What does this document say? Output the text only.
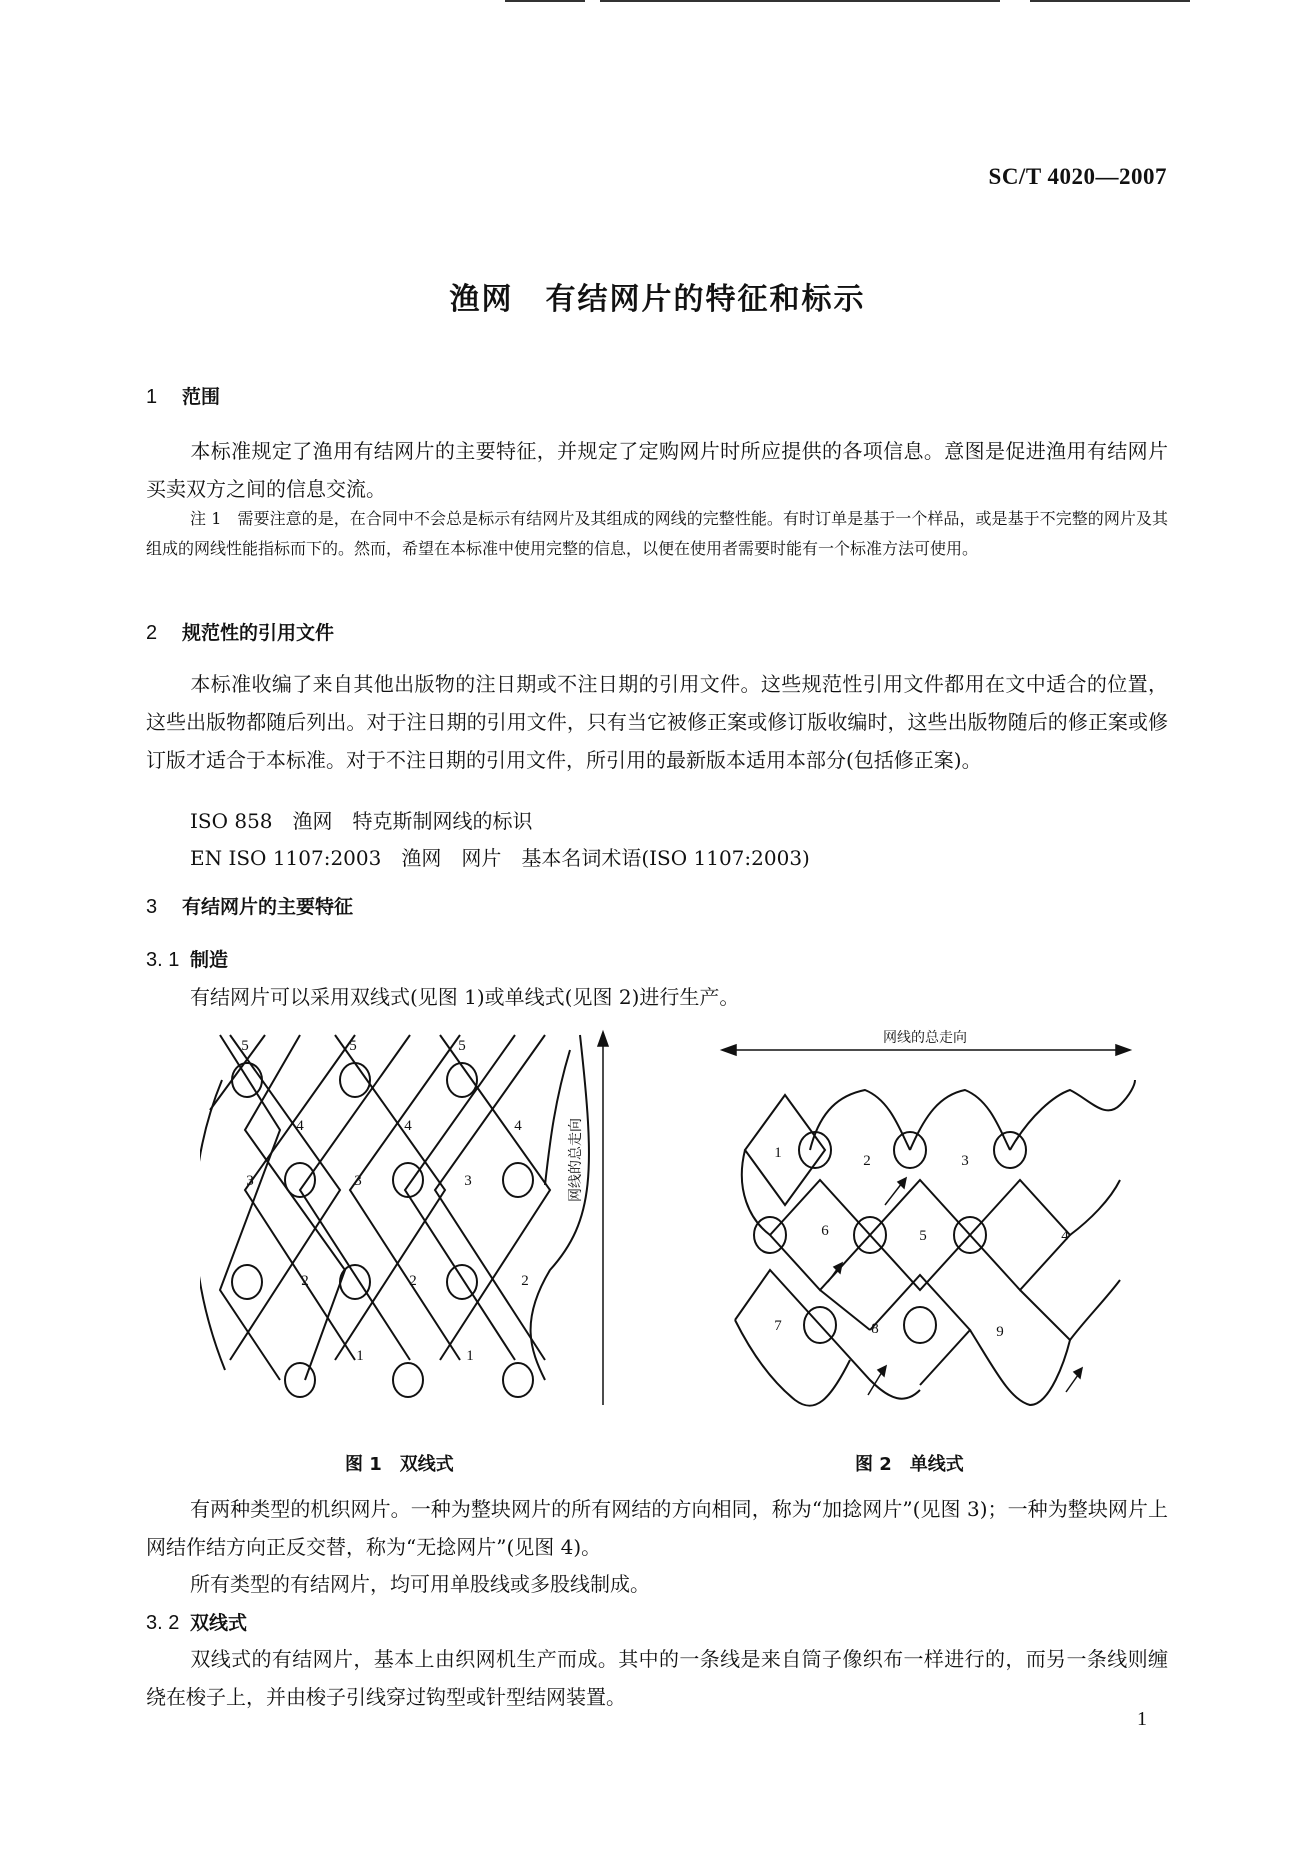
SC/T 4020—2007
渔网　有结网片的特征和标示
1 范围
本标准规定了渔用有结网片的主要特征，并规定了定购网片时所应提供的各项信息。意图是促进渔用有结网片买卖双方之间的信息交流。
注 1　需要注意的是，在合同中不会总是标示有结网片及其组成的网线的完整性能。有时订单是基于一个样品，或是基于不完整的网片及其组成的网线性能指标而下的。然而，希望在本标准中使用完整的信息，以便在使用者需要时能有一个标准方法可使用。
2 规范性的引用文件
本标准收编了来自其他出版物的注日期或不注日期的引用文件。这些规范性引用文件都用在文中适合的位置，这些出版物都随后列出。对于注日期的引用文件，只有当它被修正案或修订版收编时，这些出版物随后的修正案或修订版才适合于本标准。对于不注日期的引用文件，所引用的最新版本适用本部分(包括修正案)。
ISO 858　渔网　特克斯制网线的标识
EN ISO 1107:2003　渔网　网片　基本名词术语(ISO 1107:2003)
3 有结网片的主要特征
3. 1 制造
有结网片可以采用双线式(见图 1)或单线式(见图 2)进行生产。
5	5	5
4	4	4
3	3	3
2	2	2
1	1
网线的总走向
图 1　双线式
网线的总走向
1	2	3
4
5
6
7	8	9
图 2　单线式
有两种类型的机织网片。一种为整块网片的所有网结的方向相同，称为“加捻网片”(见图 3)；一种为整块网片上网结作结方向正反交替，称为“无捻网片”(见图 4)。
所有类型的有结网片，均可用单股线或多股线制成。
3. 2 双线式
双线式的有结网片，基本上由织网机生产而成。其中的一条线是来自筒子像织布一样进行的，而另一条线则缠绕在梭子上，并由梭子引线穿过钩型或针型结网装置。
1
